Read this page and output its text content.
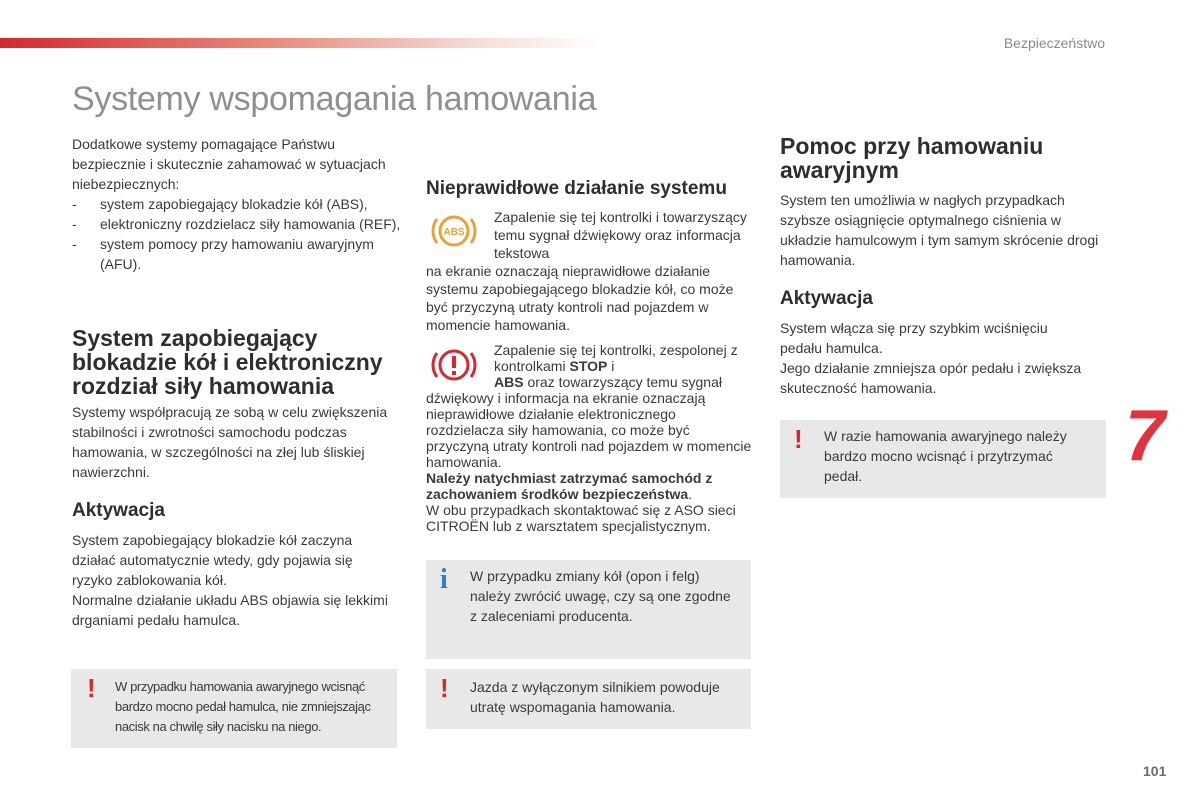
Bezpieczeństwo
Systemy wspomagania hamowania

Dodatkowe systemy pomagające Państwu bezpiecznie i skutecznie zahamować w sytuacjach niebezpiecznych:

- system zapobiegający blokadzie kół (ABS),
- elektroniczny rozdzielacz siły hamowania (REF),
- system pomocy przy hamowaniu awaryjnym (AFU).
System zapobiegający blokadzie kół i elektroniczny rozdział siły hamowania

Systemy współpracują ze sobą w celu zwiększenia stabilności i zwrotności samochodu podczas hamowania, w szczególności na złej lub śliskiej nawierzchni.

Aktywacja

System zapobiegający blokadzie kół zaczyna działać automatycznie wtedy, gdy pojawia się ryzyko zablokowania kół.

Normalne działanie układu ABS objawia się lekkimi drganiami pedału hamulca.

! W przypadku hamowania awaryjnego wcisnąć bardzo mocno pedał hamulca, nie zmniejszając nacisk na chwilę siły nacisku na niego.
Nieprawidłowe działanie systemu
ABS

Zapalenie się tej kontrolki i towarzyszący temu sygnał dźwiękowy oraz informacja tekstowa

na ekranie oznaczają nieprawidłowe działanie systemu zapobiegającego blokadzie kół, co może być przyczyną utraty kontroli nad pojazdem w momencie hamowania.

Zapalenie się tej kontrolki, zespolonej z kontrolkami STOP i
ABS oraz towarzyszący temu sygnał

dźwiękowy i informacja na ekranie oznaczają nieprawidłowe działanie elektronicznego rozdzielacza siły hamowania, co może być przyczyną utraty kontroli nad pojazdem w momencie hamowania.

Należy natychmiast zatrzymać samochód z zachowaniem środków bezpieczeństwa.

W obu przypadkach skontaktować się z ASO sieci CITROËN lub z warsztatem specjalistycznym.

i W przypadku zmiany kół (opon i felg) należy zwrócić uwagę, czy są one zgodne z zaleceniami producenta.
! Jazda z wyłączonym silnikiem powoduje utratę wspomagania hamowania.
Pomoc przy hamowaniu awaryjnym

System ten umożliwia w nagłych przypadkach szybsze osiągnięcie optymalnego ciśnienia w układzie hamulcowym i tym samym skrócenie drogi hamowania.

Aktywacja

System włącza się przy szybkim wciśnięciu pedału hamulca.

Jego działanie zmniejsza opór pedału i zwiększa skuteczność hamowania.

! W razie hamowania awaryjnego należy bardzo mocno wcisnąć i przytrzymać pedał.	7
101
